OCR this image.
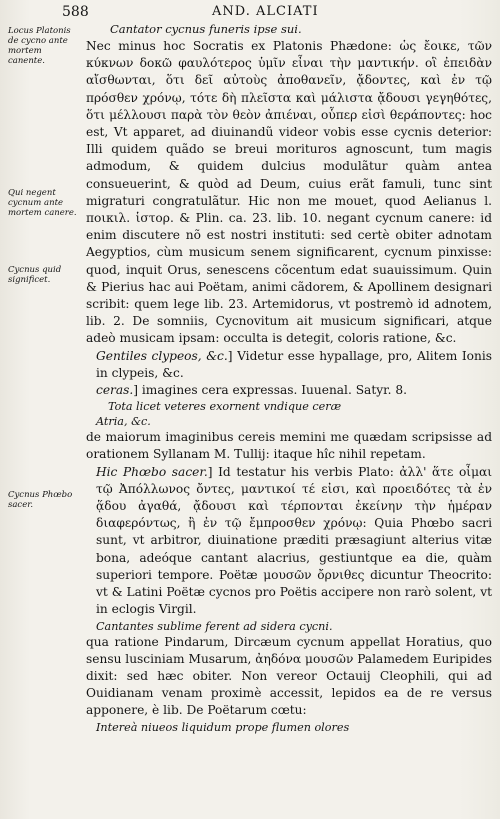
588	AND. ALCIATI
Cantator cycnus funeris ipse sui.
Locus Platonis de cycno ante mortem canente.
Qui negent cycnum ante mortem canere.
Cycnus quid significet.
Cycnus Phœbo sacer.

Nec minus hoc Socratis ex Platonis Phædone: ὡς ἔοικε, τῶν κύκνων δοκῶ φαυλότερος ὑμῖν εἶναι τὴν μαντικήν. οἳ ἐπειδὰν αἴσθωνται, ὅτι δεῖ αὐτοὺς ἀποθανεῖν, ᾄδοντες, καὶ ἐν τῷ πρόσθεν χρόνῳ, τότε δὴ πλεῖστα καὶ μάλιστα ᾄδουσι γεγηθότες, ὅτι μέλλουσι παρὰ τὸν θεὸν ἀπιέναι, οὗπερ εἰσὶ θεράποντες: hoc est, Vt apparet, ad diuinandũ videor vobis esse cycnis deterior: Illi quidem quãdo se breui morituros agnoscunt, tum magis admodum, & quidem dulcius modulãtur quàm antea consueuerint, & quòd ad Deum, cuius erãt famuli, tunc sint migraturi congratulãtur. Hic non me mouet, quod Aelianus l. ποικιλ. ἱστορ. & Plin. ca. 23. lib. 10. negant cycnum canere: id enim discutere nõ est nostri instituti: sed certè obiter adnotam Aegyptios, cùm musicum senem significarent, cycnum pinxisse: quod, inquit Orus, senescens cõcentum edat suauissimum. Quin & Pierius hac aui Poëtam, animi cãdorem, & Apollinem designari scribit: quem lege lib. 23. Artemidorus, vt postremò id adnotem, lib. 2. De somniis, Cycnovitum ait musicum significari, atque adeò musicam ipsam: occulta is detegit, coloris ratione, &c.

Gentiles clypeos, &c.] Videtur esse hypallage, pro, Alitem Ionis in clypeis, &c.

ceras.] imagines cera expressas. Iuuenal. Satyr. 8.

Tota licet veteres exornent vndique ceræ

Atria, &c.

de maiorum imaginibus cereis memini me quædam scripsisse ad orationem Syllanam M. Tullij: itaque hîc nihil repetam.

Hic Phœbo sacer.] Id testatur his verbis Plato: ἀλλ' ἅτε οἶμαι τῷ Ἀπόλλωνος ὄντες, μαντικοί τέ εἰσι, καὶ προειδότες τὰ ἐν ᾅδου ἀγαθά, ᾄδουσι καὶ τέρπονται ἐκείνην τὴν ἡμέραν διαφερόντως, ἢ ἐν τῷ ἔμπροσθεν χρόνῳ: Quia Phœbo sacri sunt, vt arbitror, diuinatione præditi præsagiunt alterius vitæ bona, adeóque cantant alacrius, gestiuntque ea die, quàm superiori tempore. Poëtæ μουσῶν ὄρνιθες dicuntur Theocrito: vt & Latini Poëtæ cycnos pro Poëtis accipere non rarò solent, vt in eclogis Virgil.

Cantantes sublime ferent ad sidera cycni.

qua ratione Pindarum, Dircæum cycnum appellat Horatius, quo sensu lusciniam Musarum, ἀηδόνα μουσῶν Palamedem Euripides dixit: sed hæc obiter. Non vereor Octauij Cleophili, qui ad Ouidianam venam proximè accessit, lepidos ea de re versus apponere, è lib. De Poëtarum cœtu:

Intereà niueos liquidum prope flumen olores
